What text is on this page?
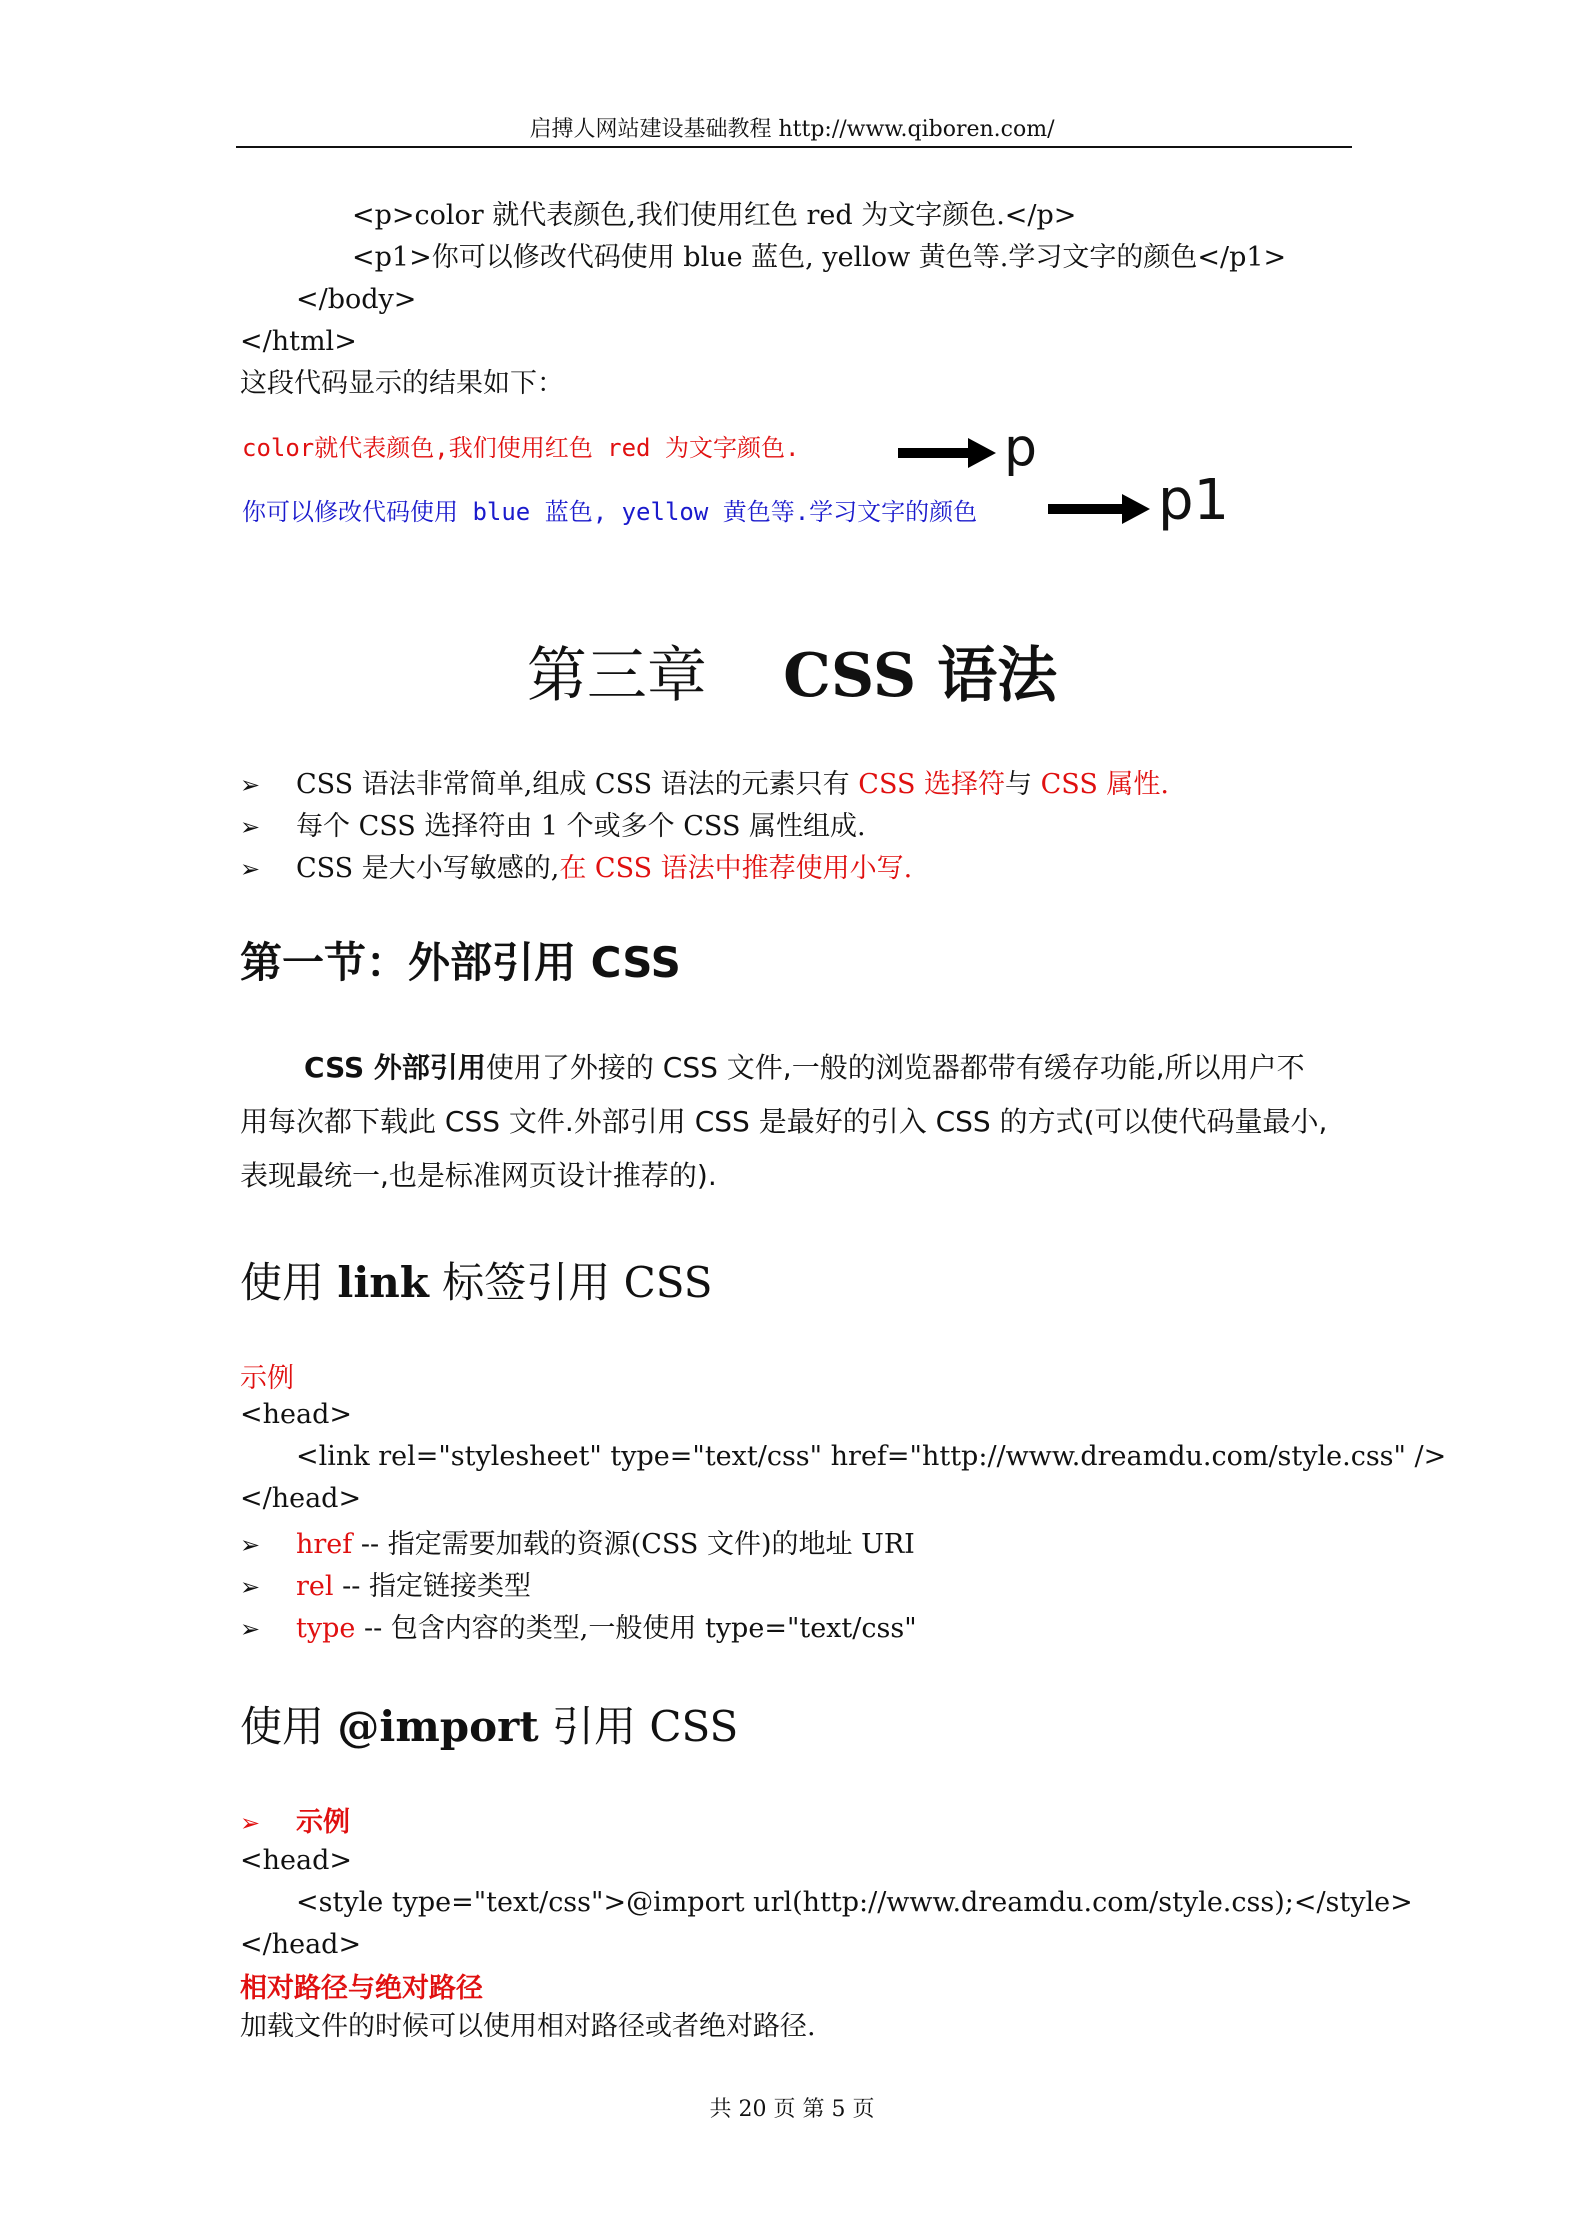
启搏人网站建设基础教程 http://www.qiboren.com/
<p>color 就代表颜色,我们使用红色 red 为文字颜色.</p>
<p1>你可以修改代码使用 blue 蓝色, yellow 黄色等.学习文字的颜色</p1>
</body>
</html>
这段代码显示的结果如下：
color就代表颜色,我们使用红色 red 为文字颜色.	p
你可以修改代码使用 blue 蓝色, yellow 黄色等.学习文字的颜色	p1
第三章 CSS 语法
➢ CSS 语法非常简单,组成 CSS 语法的元素只有 CSS 选择符与 CSS 属性.
➢ 每个 CSS 选择符由 1 个或多个 CSS 属性组成.
➢ CSS 是大小写敏感的,在 CSS 语法中推荐使用小写.
第一节：外部引用 CSS
CSS 外部引用使用了外接的 CSS 文件,一般的浏览器都带有缓存功能,所以用户不
用每次都下载此 CSS 文件.外部引用 CSS 是最好的引入 CSS 的方式(可以使代码量最小,
表现最统一,也是标准网页设计推荐的).
使用 link 标签引用 CSS
示例
<head>
<link rel="stylesheet" type="text/css" href="http://www.dreamdu.com/style.css" />
</head>
➢ href -- 指定需要加载的资源(CSS 文件)的地址 URI
➢ rel -- 指定链接类型
➢ type -- 包含内容的类型,一般使用 type="text/css"
使用 @import 引用 CSS
➢ 示例
<head>
<style type="text/css">@import url(http://www.dreamdu.com/style.css);</style>
</head>
相对路径与绝对路径
加载文件的时候可以使用相对路径或者绝对路径.
共 20 页 第 5 页
